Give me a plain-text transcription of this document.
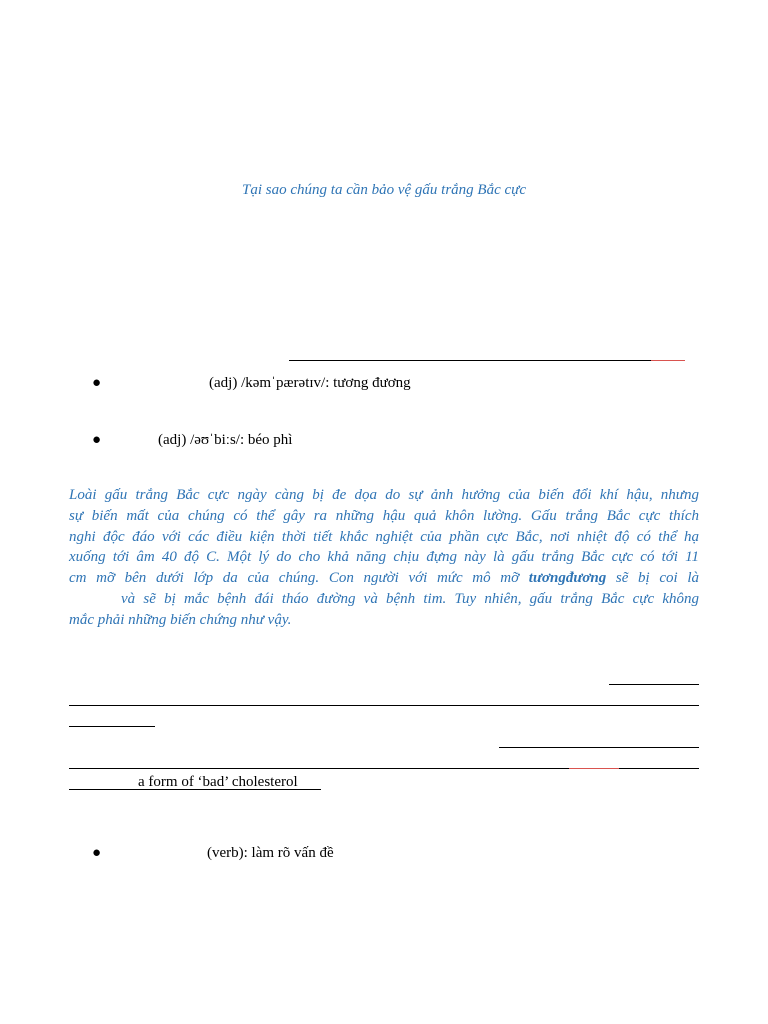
Tại sao chúng ta cần bảo vệ gấu trắng Bắc cực
●	(adj) /kəmˈpærətɪv/: tương đương
●	(adj) /əʊˈbiːs/: béo phì
Loài gấu trắng Bắc cực ngày càng bị đe dọa do sự ảnh hưởng của biến đổi khí hậu, nhưng
sự biến mất của chúng có thể gây ra những hậu quả khôn lường. Gấu trắng Bắc cực thích
nghi độc đáo với các điều kiện thời tiết khắc nghiệt của phần cực Bắc, nơi nhiệt độ có thể hạ
xuống tới âm 40 độ C. Một lý do cho khả năng chịu đựng này là gấu trắng Bắc cực có tới 11
cm mỡ bên dưới lớp da của chúng. Con người với mức mô mỡ tươngđương sẽ bị coi là
và sẽ bị mắc bệnh đái tháo đường và bệnh tim. Tuy nhiên, gấu trắng Bắc cực không
mắc phải những biến chứng như vậy.
a form of ‘bad’ cholesterol
●	(verb): làm rõ vấn đề
